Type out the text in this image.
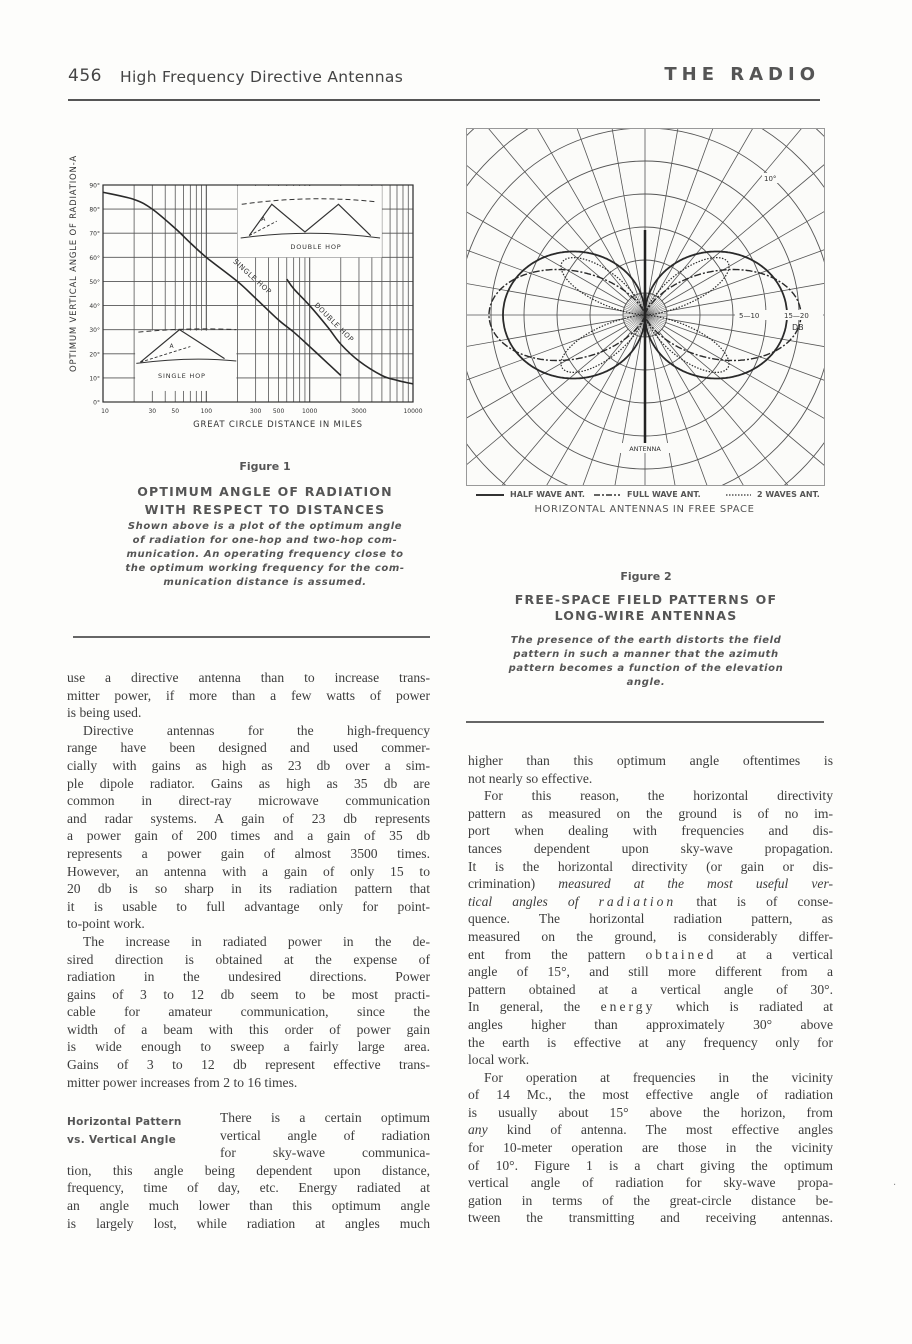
456 High Frequency Directive Antennas	THE RADIO
A
DOUBLE HOP
A
SINGLE HOP
SINGLE HOP
DOUBLE HOP
0°
10°
20°
30°
40°
50°
60°
70°
80°
90°
10	30	50	100	300 500	1000	3000	10000
GREAT CIRCLE DISTANCE IN MILES
OPTIMUM VERTICAL ANGLE OF RADIATION-A
Figure 1
OPTIMUM ANGLE OF RADIATION
WITH RESPECT TO DISTANCES
Shown above is a plot of the optimum angle
of radiation for one-hop and two-hop com-
munication. An operating frequency close to
the optimum working frequency for the com-
munication distance is assumed.
ANTENNA
5—10	15—20
DB
10°
HALF WAVE ANT.	FULL WAVE ANT.	2 WAVES ANT.
HORIZONTAL ANTENNAS IN FREE SPACE
Figure 2
FREE-SPACE FIELD PATTERNS OF
LONG-WIRE ANTENNAS
The presence of the earth distorts the field
pattern in such a manner that the azimuth
pattern becomes a function of the elevation
angle.

use a directive antenna than to increase trans-
mitter power, if more than a few watts of power
is being used.

Directive antennas for the high-frequency
range have been designed and used commer-
cially with gains as high as 23 db over a sim-
ple dipole radiator. Gains as high as 35 db are
common in direct-ray microwave communication
and radar systems. A gain of 23 db represents
a power gain of 200 times and a gain of 35 db
represents a power gain of almost 3500 times.
However, an antenna with a gain of only 15 to
20 db is so sharp in its radiation pattern that
it is usable to full advantage only for point-
to-point work.

The increase in radiated power in the de-
sired direction is obtained at the expense of
radiation in the undesired directions. Power
gains of 3 to 12 db seem to be most practi-
cable for amateur communication, since the
width of a beam with this order of power gain
is wide enough to sweep a fairly large area.
Gains of 3 to 12 db represent effective trans-
mitter power increases from 2 to 16 times.

Horizontal Pattern
vs. Vertical Angle
There is a certain optimum
vertical angle of radiation
for sky-wave communica-
tion, this angle being dependent upon distance,
frequency, time of day, etc. Energy radiated at
an angle much lower than this optimum angle
is largely lost, while radiation at angles much

higher than this optimum angle oftentimes is
not nearly so effective.

For this reason, the horizontal directivity
pattern as measured on the ground is of no im-
port when dealing with frequencies and dis-
tances dependent upon sky-wave propagation.
It is the horizontal directivity (or gain or dis-
crimination) measured at the most useful ver-
tical angles of radiation that is of conse-
quence. The horizontal radiation pattern, as
measured on the ground, is considerably differ-
ent from the pattern obtained at a vertical
angle of 15°, and still more different from a
pattern obtained at a vertical angle of 30°.
In general, the energy which is radiated at
angles higher than approximately 30° above
the earth is effective at any frequency only for
local work.

For operation at frequencies in the vicinity
of 14 Mc., the most effective angle of radiation
is usually about 15° above the horizon, from
any kind of antenna. The most effective angles
for 10-meter operation are those in the vicinity
of 10°. Figure 1 is a chart giving the optimum
vertical angle of radiation for sky-wave propa-
gation in terms of the great-circle distance be-
tween the transmitting and receiving antennas.

·
